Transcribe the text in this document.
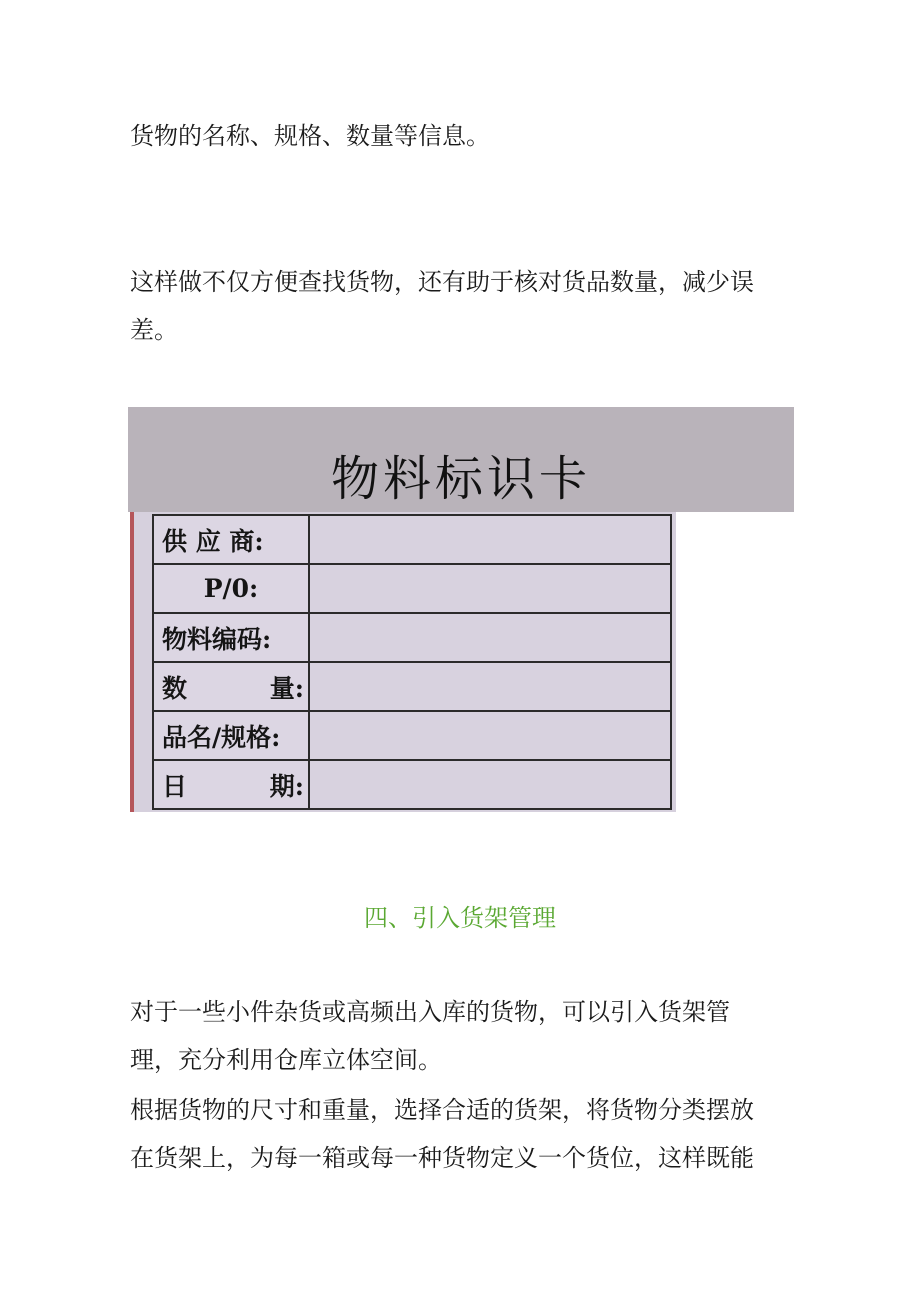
货物的名称、规格、数量等信息。

这样做不仅方便查找货物，还有助于核对货品数量，减少误
差。

物料标识卡
供 应 商:	
P/0:	
物料编码:	

数 量:	

品名/规格:	

日 期:	

四、引入货架管理

对于一些小件杂货或高频出入库的货物，可以引入货架管
理，充分利用仓库立体空间。

根据货物的尺寸和重量，选择合适的货架，将货物分类摆放
在货架上，为每一箱或每一种货物定义一个货位，这样既能
